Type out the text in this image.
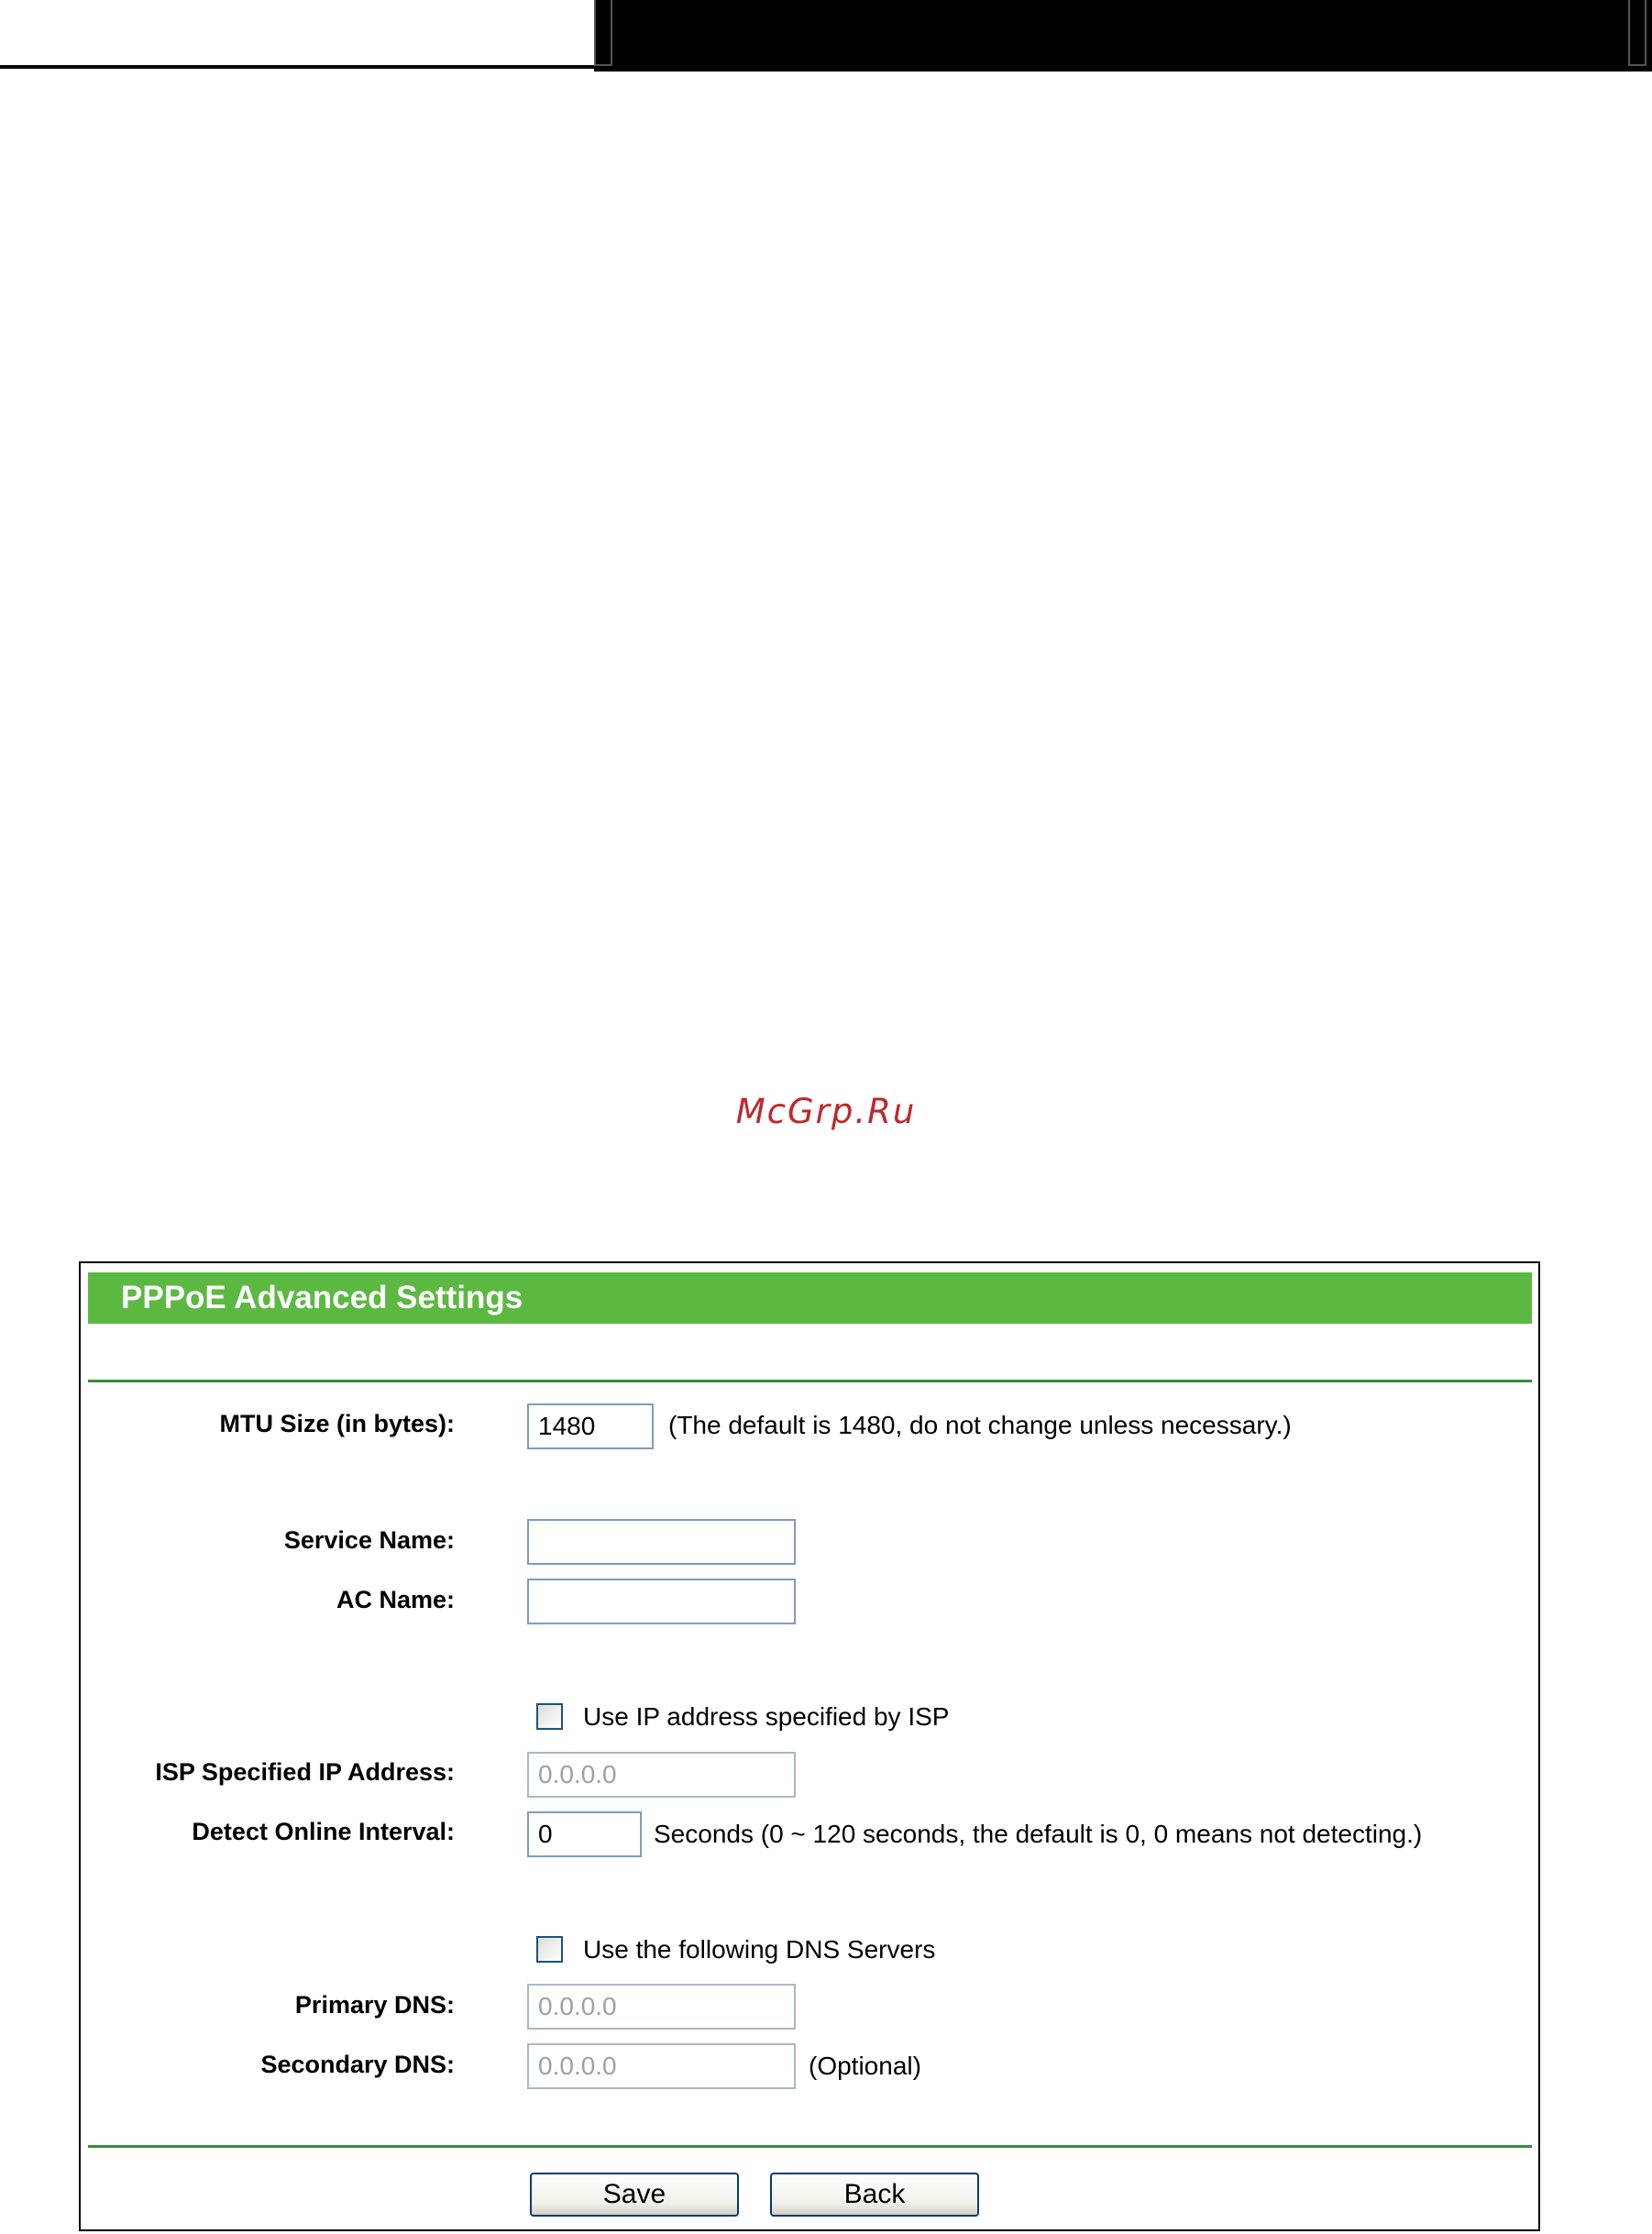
McGrp.Ru
PPPoE Advanced Settings
MTU Size (in bytes):
1480	(The default is 1480, do not change unless necessary.)
Service Name:
AC Name:
Use IP address specified by ISP
ISP Specified IP Address:
0.0.0.0
Detect Online Interval:
0	Seconds (0 ~ 120 seconds, the default is 0, 0 means not detecting.)
Use the following DNS Servers
Primary DNS:
0.0.0.0
Secondary DNS:
0.0.0.0	(Optional)
Save	Back
